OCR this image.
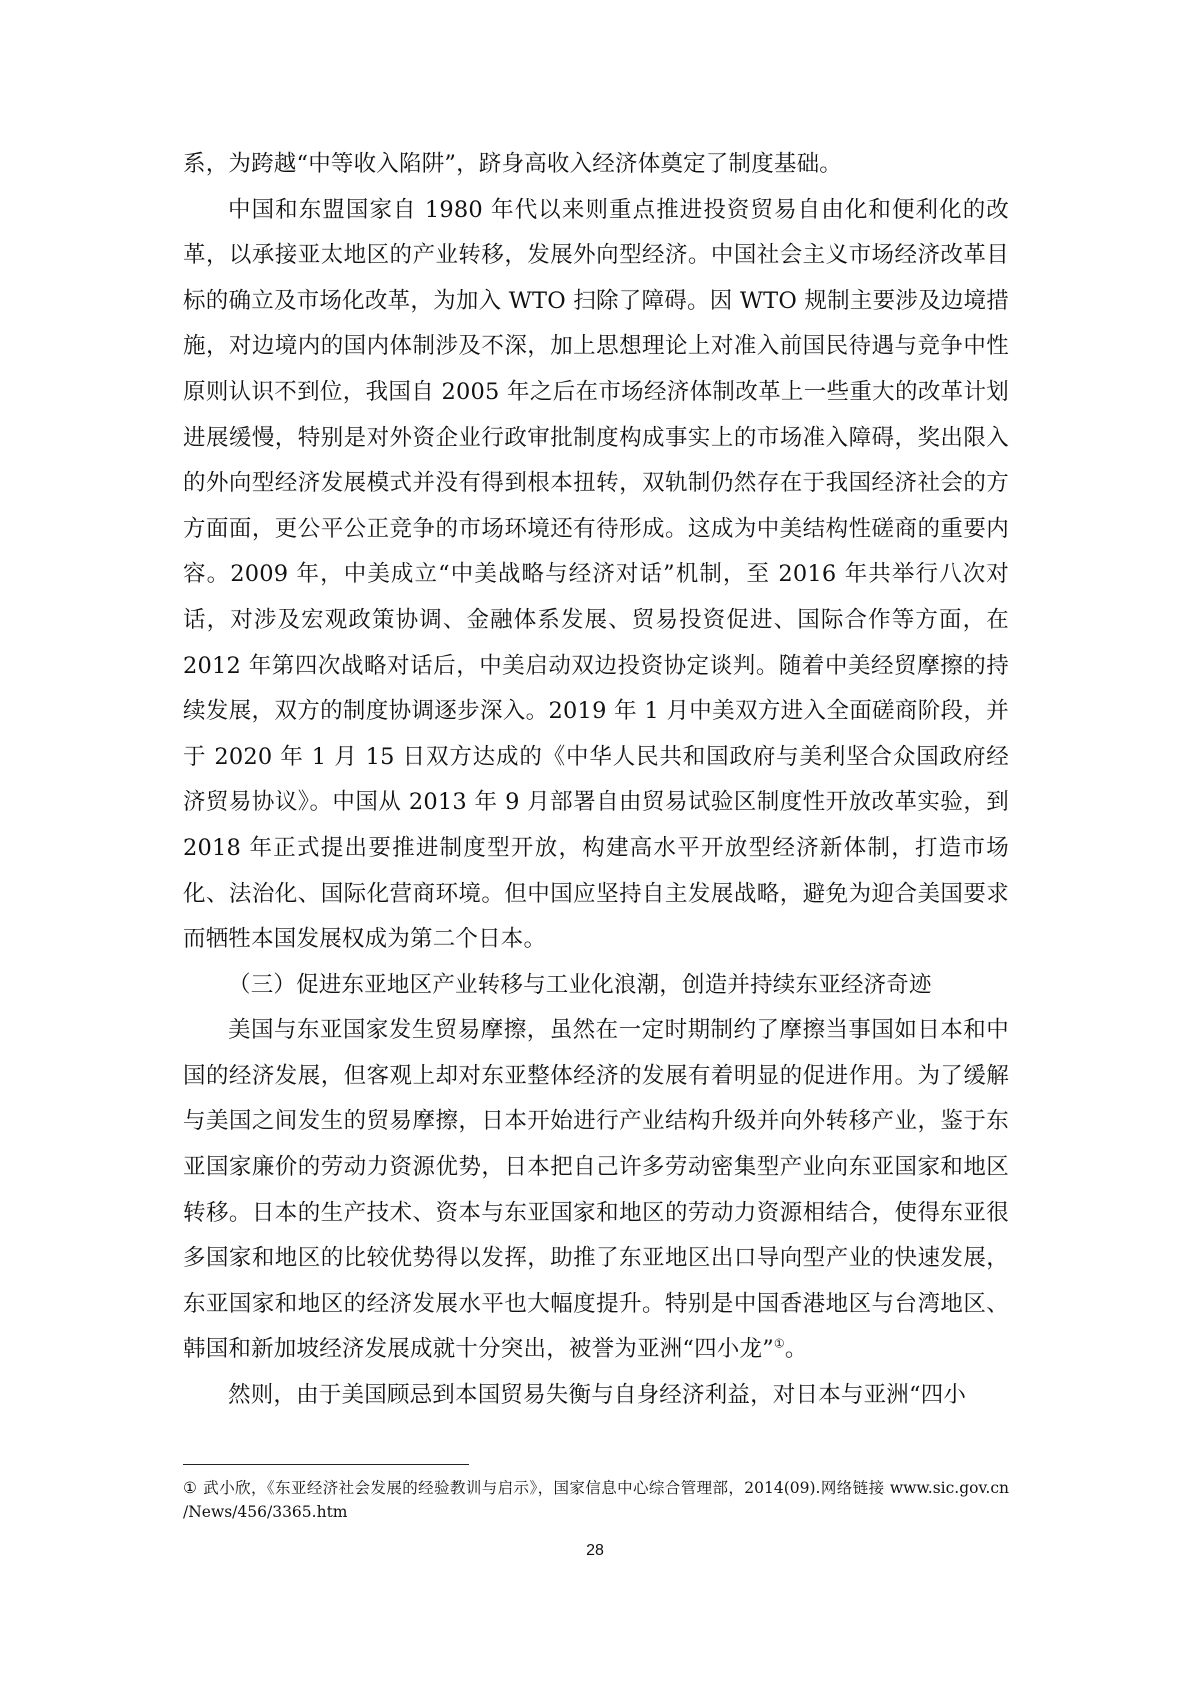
系，为跨越“中等收入陷阱”，跻身高收入经济体奠定了制度基础。

中国和东盟国家自 1980 年代以来则重点推进投资贸易自由化和便利化的改革，以承接亚太地区的产业转移，发展外向型经济。中国社会主义市场经济改革目标的确立及市场化改革，为加入 WTO 扫除了障碍。因 WTO 规制主要涉及边境措施，对边境内的国内体制涉及不深，加上思想理论上对准入前国民待遇与竞争中性原则认识不到位，我国自 2005 年之后在市场经济体制改革上一些重大的改革计划进展缓慢，特别是对外资企业行政审批制度构成事实上的市场准入障碍，奖出限入的外向型经济发展模式并没有得到根本扭转，双轨制仍然存在于我国经济社会的方方面面，更公平公正竞争的市场环境还有待形成。这成为中美结构性磋商的重要内容。2009 年，中美成立“中美战略与经济对话”机制，至 2016 年共举行八次对话，对涉及宏观政策协调、金融体系发展、贸易投资促进、国际合作等方面，在 2012 年第四次战略对话后，中美启动双边投资协定谈判。随着中美经贸摩擦的持续发展，双方的制度协调逐步深入。2019 年 1 月中美双方进入全面磋商阶段，并于 2020 年 1 月 15 日双方达成的《中华人民共和国政府与美利坚合众国政府经济贸易协议》。中国从 2013 年 9 月部署自由贸易试验区制度性开放改革实验，到 2018 年正式提出要推进制度型开放，构建高水平开放型经济新体制，打造市场化、法治化、国际化营商环境。但中国应坚持自主发展战略，避免为迎合美国要求而牺牲本国发展权成为第二个日本。

（三）促进东亚地区产业转移与工业化浪潮，创造并持续东亚经济奇迹

美国与东亚国家发生贸易摩擦，虽然在一定时期制约了摩擦当事国如日本和中国的经济发展，但客观上却对东亚整体经济的发展有着明显的促进作用。为了缓解与美国之间发生的贸易摩擦，日本开始进行产业结构升级并向外转移产业，鉴于东亚国家廉价的劳动力资源优势，日本把自己许多劳动密集型产业向东亚国家和地区转移。日本的生产技术、资本与东亚国家和地区的劳动力资源相结合，使得东亚很多国家和地区的比较优势得以发挥，助推了东亚地区出口导向型产业的快速发展，东亚国家和地区的经济发展水平也大幅度提升。特别是中国香港地区与台湾地区、韩国和新加坡经济发展成就十分突出，被誉为亚洲“四小龙”①。

然则，由于美国顾忌到本国贸易失衡与自身经济利益，对日本与亚洲“四小

① 武小欣，《东亚经济社会发展的经验教训与启示》，国家信息中心综合管理部，2014(09).网络链接 www.sic.gov.cn /News/456/3365.htm
28
